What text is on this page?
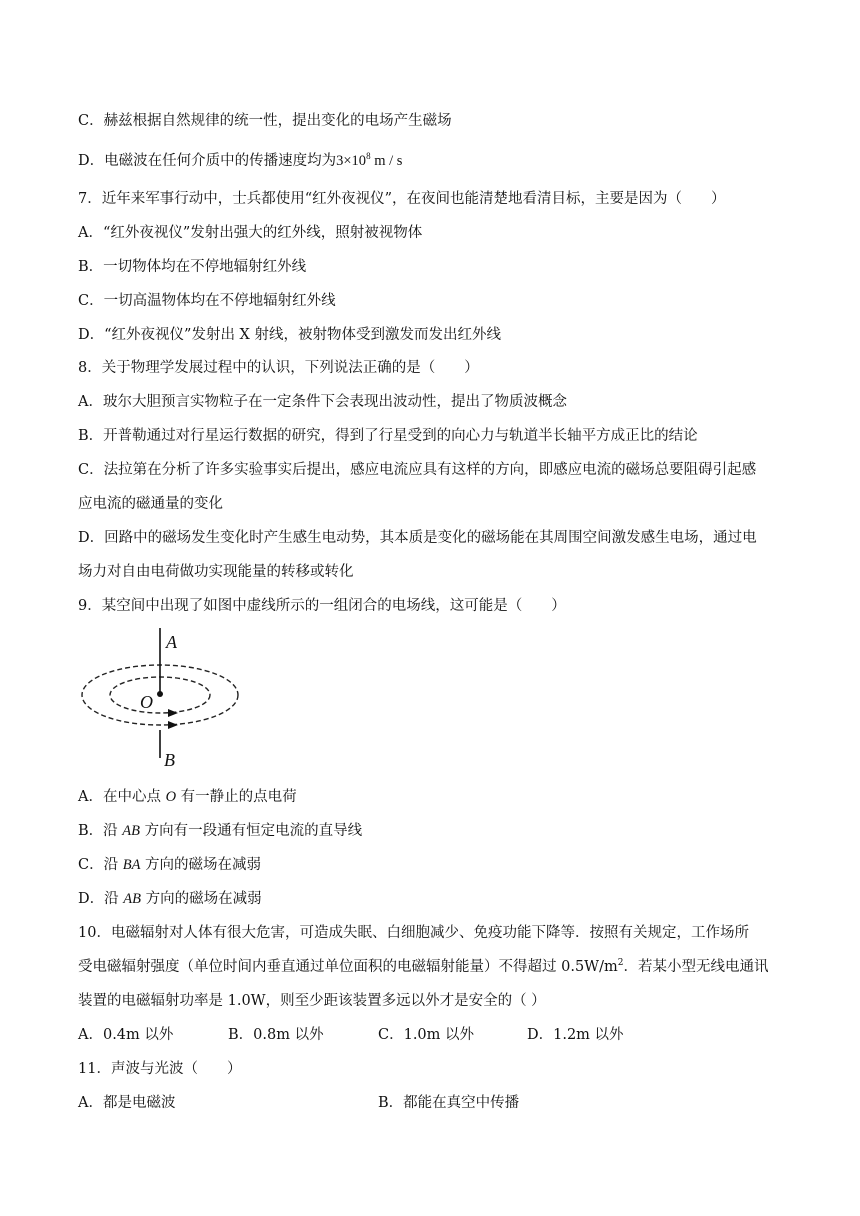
C．赫兹根据自然规律的统一性，提出变化的电场产生磁场
D．电磁波在任何介质中的传播速度均为$3\times 10^8$ m / s
7．近年来军事行动中，士兵都使用“红外夜视仪”，在夜间也能清楚地看清目标，主要是因为（　　）
A．“红外夜视仪”发射出强大的红外线，照射被视物体
B．一切物体均在不停地辐射红外线
C．一切高温物体均在不停地辐射红外线
D．“红外夜视仪”发射出 X 射线，被射物体受到激发而发出红外线
8．关于物理学发展过程中的认识，下列说法正确的是（　　）
A．玻尔大胆预言实物粒子在一定条件下会表现出波动性，提出了物质波概念
B．开普勒通过对行星运行数据的研究，得到了行星受到的向心力与轨道半长轴平方成正比的结论
C．法拉第在分析了许多实验事实后提出，感应电流应具有这样的方向，即感应电流的磁场总要阻碍引起感
应电流的磁通量的变化
D．回路中的磁场发生变化时产生感生电动势，其本质是变化的磁场能在其周围空间激发感生电场，通过电
场力对自由电荷做功实现能量的转移或转化
9．某空间中出现了如图中虚线所示的一组闭合的电场线，这可能是（　　）
A
O
B
A．在中心点 O 有一静止的点电荷
B．沿 AB 方向有一段通有恒定电流的直导线
C．沿 BA 方向的磁场在减弱
D．沿 AB 方向的磁场在减弱
10．电磁辐射对人体有很大危害，可造成失眠、白细胞减少、免疫功能下降等．按照有关规定，工作场所
受电磁辐射强度（单位时间内垂直通过单位面积的电磁辐射能量）不得超过 $0.5W/m^2$．若某小型无线电通讯
装置的电磁辐射功率是 1.0W，则至少距该装置多远以外才是安全的（ ）
A．0.4m 以外	B．0.8m 以外	C．1.0m 以外	D．1.2m 以外
11．声波与光波（　　）
A．都是电磁波	B．都能在真空中传播
